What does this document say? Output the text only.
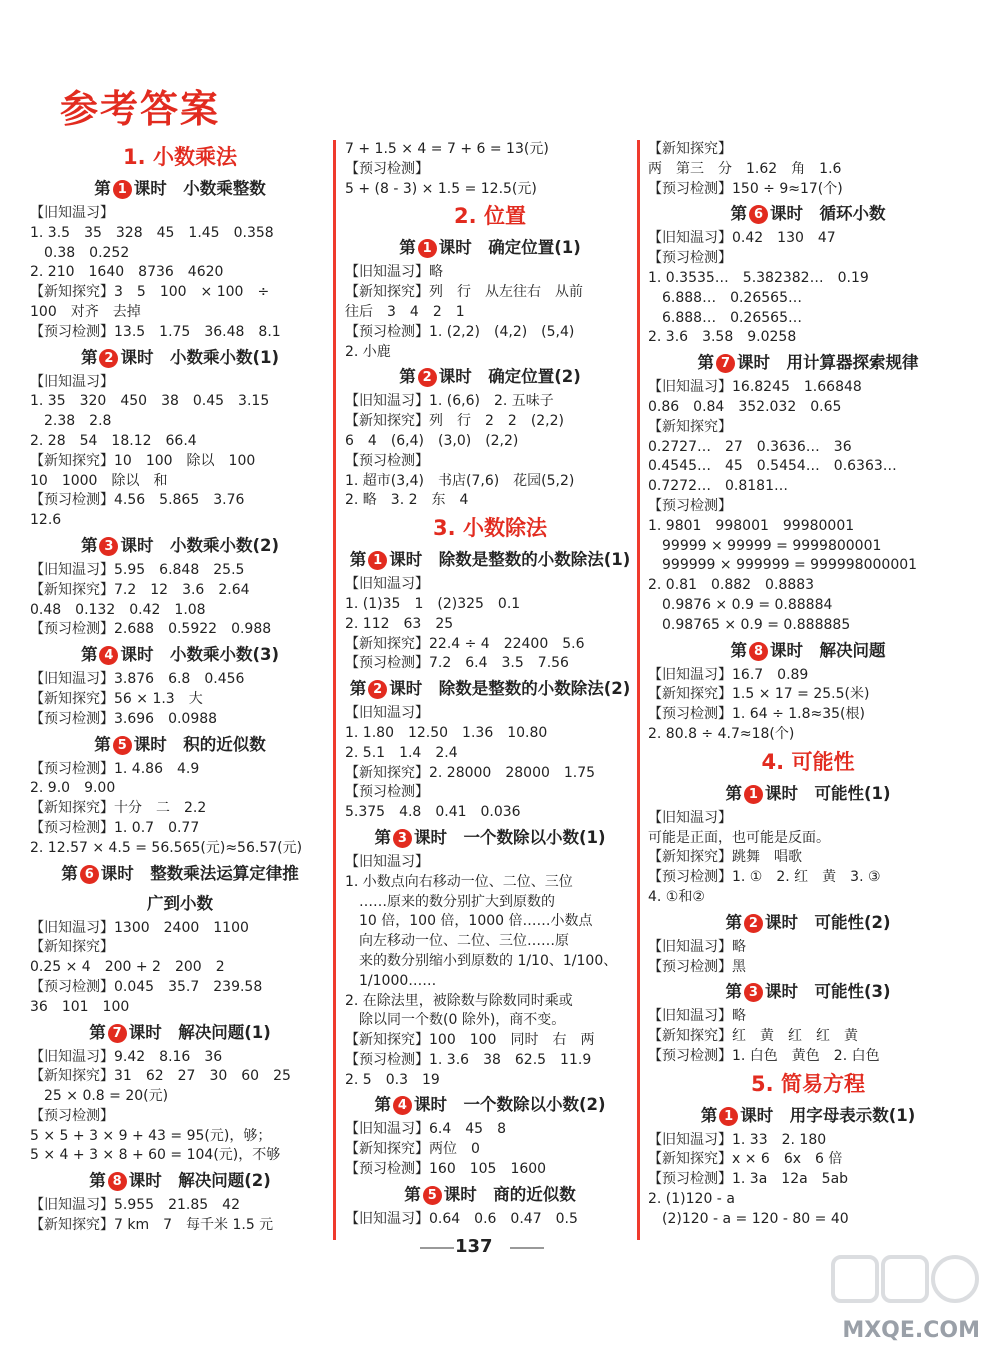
参考答案
1. 小数乘法
第 1 课时　小数乘整数
【旧知温习】
1. 3.5　35　328　45　1.45　0.358
0.38　0.252
2. 210　1640　8736　4620
【新知探究】3　5　100　× 100　÷
100　对齐　去掉
【预习检测】13.5　1.75　36.48　8.1
第 2 课时　小数乘小数(1)
【旧知温习】
1. 35　320　450　38　0.45　3.15
2.38　2.8
2. 28　54　18.12　66.4
【新知探究】10　100　除以　100
10　1000　除以　和
【预习检测】4.56　5.865　3.76
12.6
第 3 课时　小数乘小数(2)
【旧知温习】5.95　6.848　25.5
【新知探究】7.2　12　3.6　2.64
0.48　0.132　0.42　1.08
【预习检测】2.688　0.5922　0.988
第 4 课时　小数乘小数(3)
【旧知温习】3.876　6.8　0.456
【新知探究】56 × 1.3　大
【预习检测】3.696　0.0988
第 5 课时　积的近似数
【预习检测】1. 4.86　4.9
2. 9.0　9.00
【新知探究】十分　二　2.2
【预习检测】1. 0.7　0.77
2. 12.57 × 4.5 = 56.565(元)≈56.57(元)
第 6 课时　整数乘法运算定律推
广到小数
【旧知温习】1300　2400　1100
【新知探究】
0.25 × 4　200 + 2　200　2
【预习检测】0.045　35.7　239.58
36　101　100
第 7 课时　解决问题(1)
【旧知温习】9.42　8.16　36
【新知探究】31　62　27　30　60　25
25 × 0.8 = 20(元)
【预习检测】
5 × 5 + 3 × 9 + 43 = 95(元)，够；
5 × 4 + 3 × 8 + 60 = 104(元)，不够
第 8 课时　解决问题(2)
【旧知温习】5.955　21.85　42
【新知探究】7 km　7　每千米 1.5 元
7 + 1.5 × 4 = 7 + 6 = 13(元)
【预习检测】
5 + (8 - 3) × 1.5 = 12.5(元)
2. 位置
第 1 课时　确定位置(1)
【旧知温习】略
【新知探究】列　行　从左往右　从前
往后　3　4　2　1
【预习检测】1. (2,2)　(4,2)　(5,4)
2. 小鹿
第 2 课时　确定位置(2)
【旧知温习】1. (6,6)　2. 五味子
【新知探究】列　行　2　2　(2,2)
6　4　(6,4)　(3,0)　(2,2)
【预习检测】
1. 超市(3,4)　书店(7,6)　花园(5,2)
2. 略　3. 2　东　4
3. 小数除法
第 1 课时　除数是整数的小数除法(1)
【旧知温习】
1. (1)35　1　(2)325　0.1
2. 112　63　25
【新知探究】22.4 ÷ 4　22400　5.6
【预习检测】7.2　6.4　3.5　7.56
第 2 课时　除数是整数的小数除法(2)
【旧知温习】
1. 1.80　12.50　1.36　10.80
2. 5.1　1.4　2.4
【新知探究】2. 28000　28000　1.75
【预习检测】
5.375　4.8　0.41　0.036
第 3 课时　一个数除以小数(1)
【旧知温习】
1. 小数点向右移动一位、二位、三位
……原来的数分别扩大到原数的
10 倍，100 倍，1000 倍……小数点
向左移动一位、二位、三位……原
来的数分别缩小到原数的 1/10、1/100、
1/1000……
2. 在除法里，被除数与除数同时乘或
除以同一个数(0 除外)，商不变。
【新知探究】100　100　同时　右　两
【预习检测】1. 3.6　38　62.5　11.9
2. 5　0.3　19
第 4 课时　一个数除以小数(2)
【旧知温习】6.4　45　8
【新知探究】两位　0
【预习检测】160　105　1600
第 5 课时　商的近似数
【旧知温习】0.64　0.6　0.47　0.5
【新知探究】
两　第三　分　1.62　角　1.6
【预习检测】150 ÷ 9≈17(个)
第 6 课时　循环小数
【旧知温习】0.42　130　47
【预习检测】
1. 0.3535…　5.382382…　0.19
6.888…　0.26565…
6.888…　0.26565…
2. 3.6　3.58　9.0258
第 7 课时　用计算器探索规律
【旧知温习】16.8245　1.66848
0.86　0.84　352.032　0.65
【新知探究】
0.2727…　27　0.3636…　36
0.4545…　45　0.5454…　0.6363…
0.7272…　0.8181…
【预习检测】
1. 9801　998001　99980001
99999 × 99999 = 9999800001
999999 × 999999 = 999998000001
2. 0.81　0.882　0.8883
0.9876 × 0.9 = 0.88884
0.98765 × 0.9 = 0.888885
第 8 课时　解决问题
【旧知温习】16.7　0.89
【新知探究】1.5 × 17 = 25.5(米)
【预习检测】1. 64 ÷ 1.8≈35(根)
2. 80.8 ÷ 4.7≈18(个)
4. 可能性
第 1 课时　可能性(1)
【旧知温习】
可能是正面，也可能是反面。
【新知探究】跳舞　唱歌
【预习检测】1. ①　2. 红　黄　3. ③
4. ①和②
第 2 课时　可能性(2)
【旧知温习】略
【预习检测】黑
第 3 课时　可能性(3)
【旧知温习】略
【新知探究】红　黄　红　红　黄
【预习检测】1. 白色　黄色　2. 白色
5. 简易方程
第 1 课时　用字母表示数(1)
【旧知温习】1. 33　2. 180
【新知探究】x × 6　6x　6 倍
【预习检测】1. 3a　12a　5ab
2. (1)120 - a
(2)120 - a = 120 - 80 = 40
137
MXQE.COM
